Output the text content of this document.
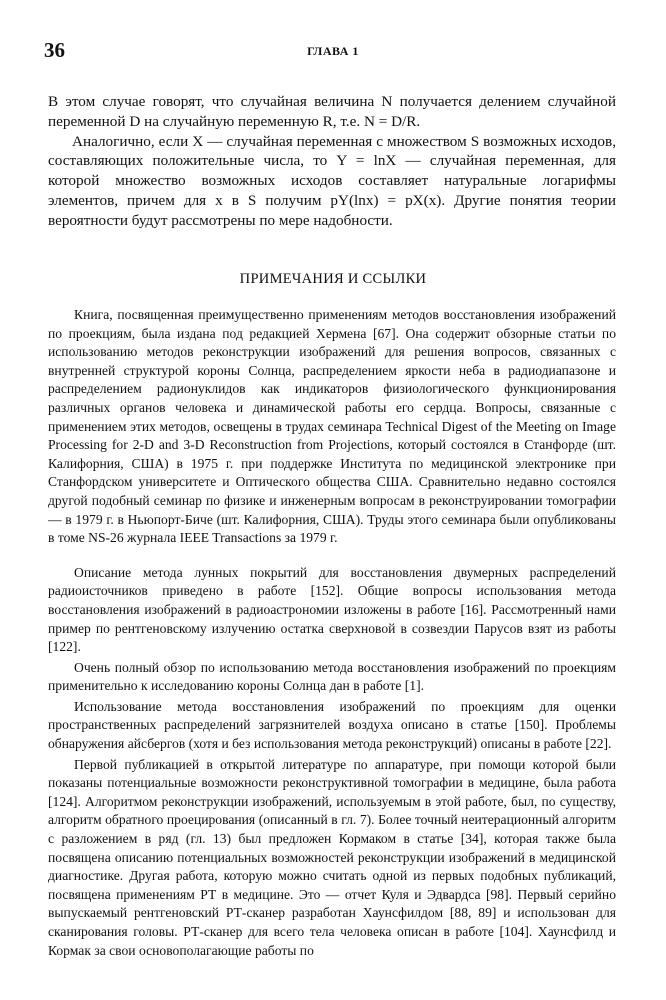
36	ГЛАВА 1

В этом случае говорят, что случайная величина N получается делением случайной переменной D на случайную переменную R, т.е. N = D/R.

Аналогично, если X — случайная переменная с множеством S возможных исходов, составляющих положительные числа, то Y = lnX — случайная переменная, для которой множество возможных исходов составляет натуральные логарифмы элементов, причем для x в S получим pY(lnx) = pX(x). Другие понятия теории вероятности будут рассмотрены по мере надобности.

ПРИМЕЧАНИЯ И ССЫЛКИ

Книга, посвященная преимущественно применениям методов восстановления изображений по проекциям, была издана под редакцией Хермена [67]. Она содержит обзорные статьи по использованию методов реконструкции изображений для решения вопросов, связанных с внутренней структурой короны Солнца, распределением яркости неба в радиодиапазоне и распределением радионуклидов как индикаторов физиологического функционирования различных органов человека и динамической работы его сердца. Вопросы, связанные с применением этих методов, освещены в трудах семинара Technical Digest of the Meeting on Image Processing for 2-D and 3-D Reconstruction from Projections, который состоялся в Станфорде (шт. Калифорния, США) в 1975 г. при поддержке Института по медицинской электронике при Станфордском университете и Оптического общества США. Сравнительно недавно состоялся другой подобный семинар по физике и инженерным вопросам в реконструировании томографии — в 1979 г. в Ньюпорт-Биче (шт. Калифорния, США). Труды этого семинара были опубликованы в томе NS-26 журнала IEEE Transactions за 1979 г.

Описание метода лунных покрытий для восстановления двумерных распределений радиоисточников приведено в работе [152]. Общие вопросы использования метода восстановления изображений в радиоастрономии изложены в работе [16]. Рассмотренный нами пример по рентгеновскому излучению остатка сверхновой в созвездии Парусов взят из работы [122].

Очень полный обзор по использованию метода восстановления изображений по проекциям применительно к исследованию короны Солнца дан в работе [1].

Использование метода восстановления изображений по проекциям для оценки пространственных распределений загрязнителей воздуха описано в статье [150]. Проблемы обнаружения айсбергов (хотя и без использования метода реконструкций) описаны в работе [22].

Первой публикацией в открытой литературе по аппаратуре, при помощи которой были показаны потенциальные возможности реконструктивной томографии в медицине, была работа [124]. Алгоритмом реконструкции изображений, используемым в этой работе, был, по существу, алгоритм обратного проецирования (описанный в гл. 7). Более точный неитерационный алгоритм с разложением в ряд (гл. 13) был предложен Кормаком в статье [34], которая также была посвящена описанию потенциальных возможностей реконструкции изображений в медицинской диагностике. Другая работа, которую можно считать одной из первых подобных публикаций, посвящена применениям РТ в медицине. Это — отчет Куля и Эдвардса [98]. Первый серийно выпускаемый рентгеновский РТ-сканер разработан Хаунсфилдом [88, 89] и использован для сканирования головы. РТ-сканер для всего тела человека описан в работе [104]. Хаунсфилд и Кормак за свои основополагающие работы по
